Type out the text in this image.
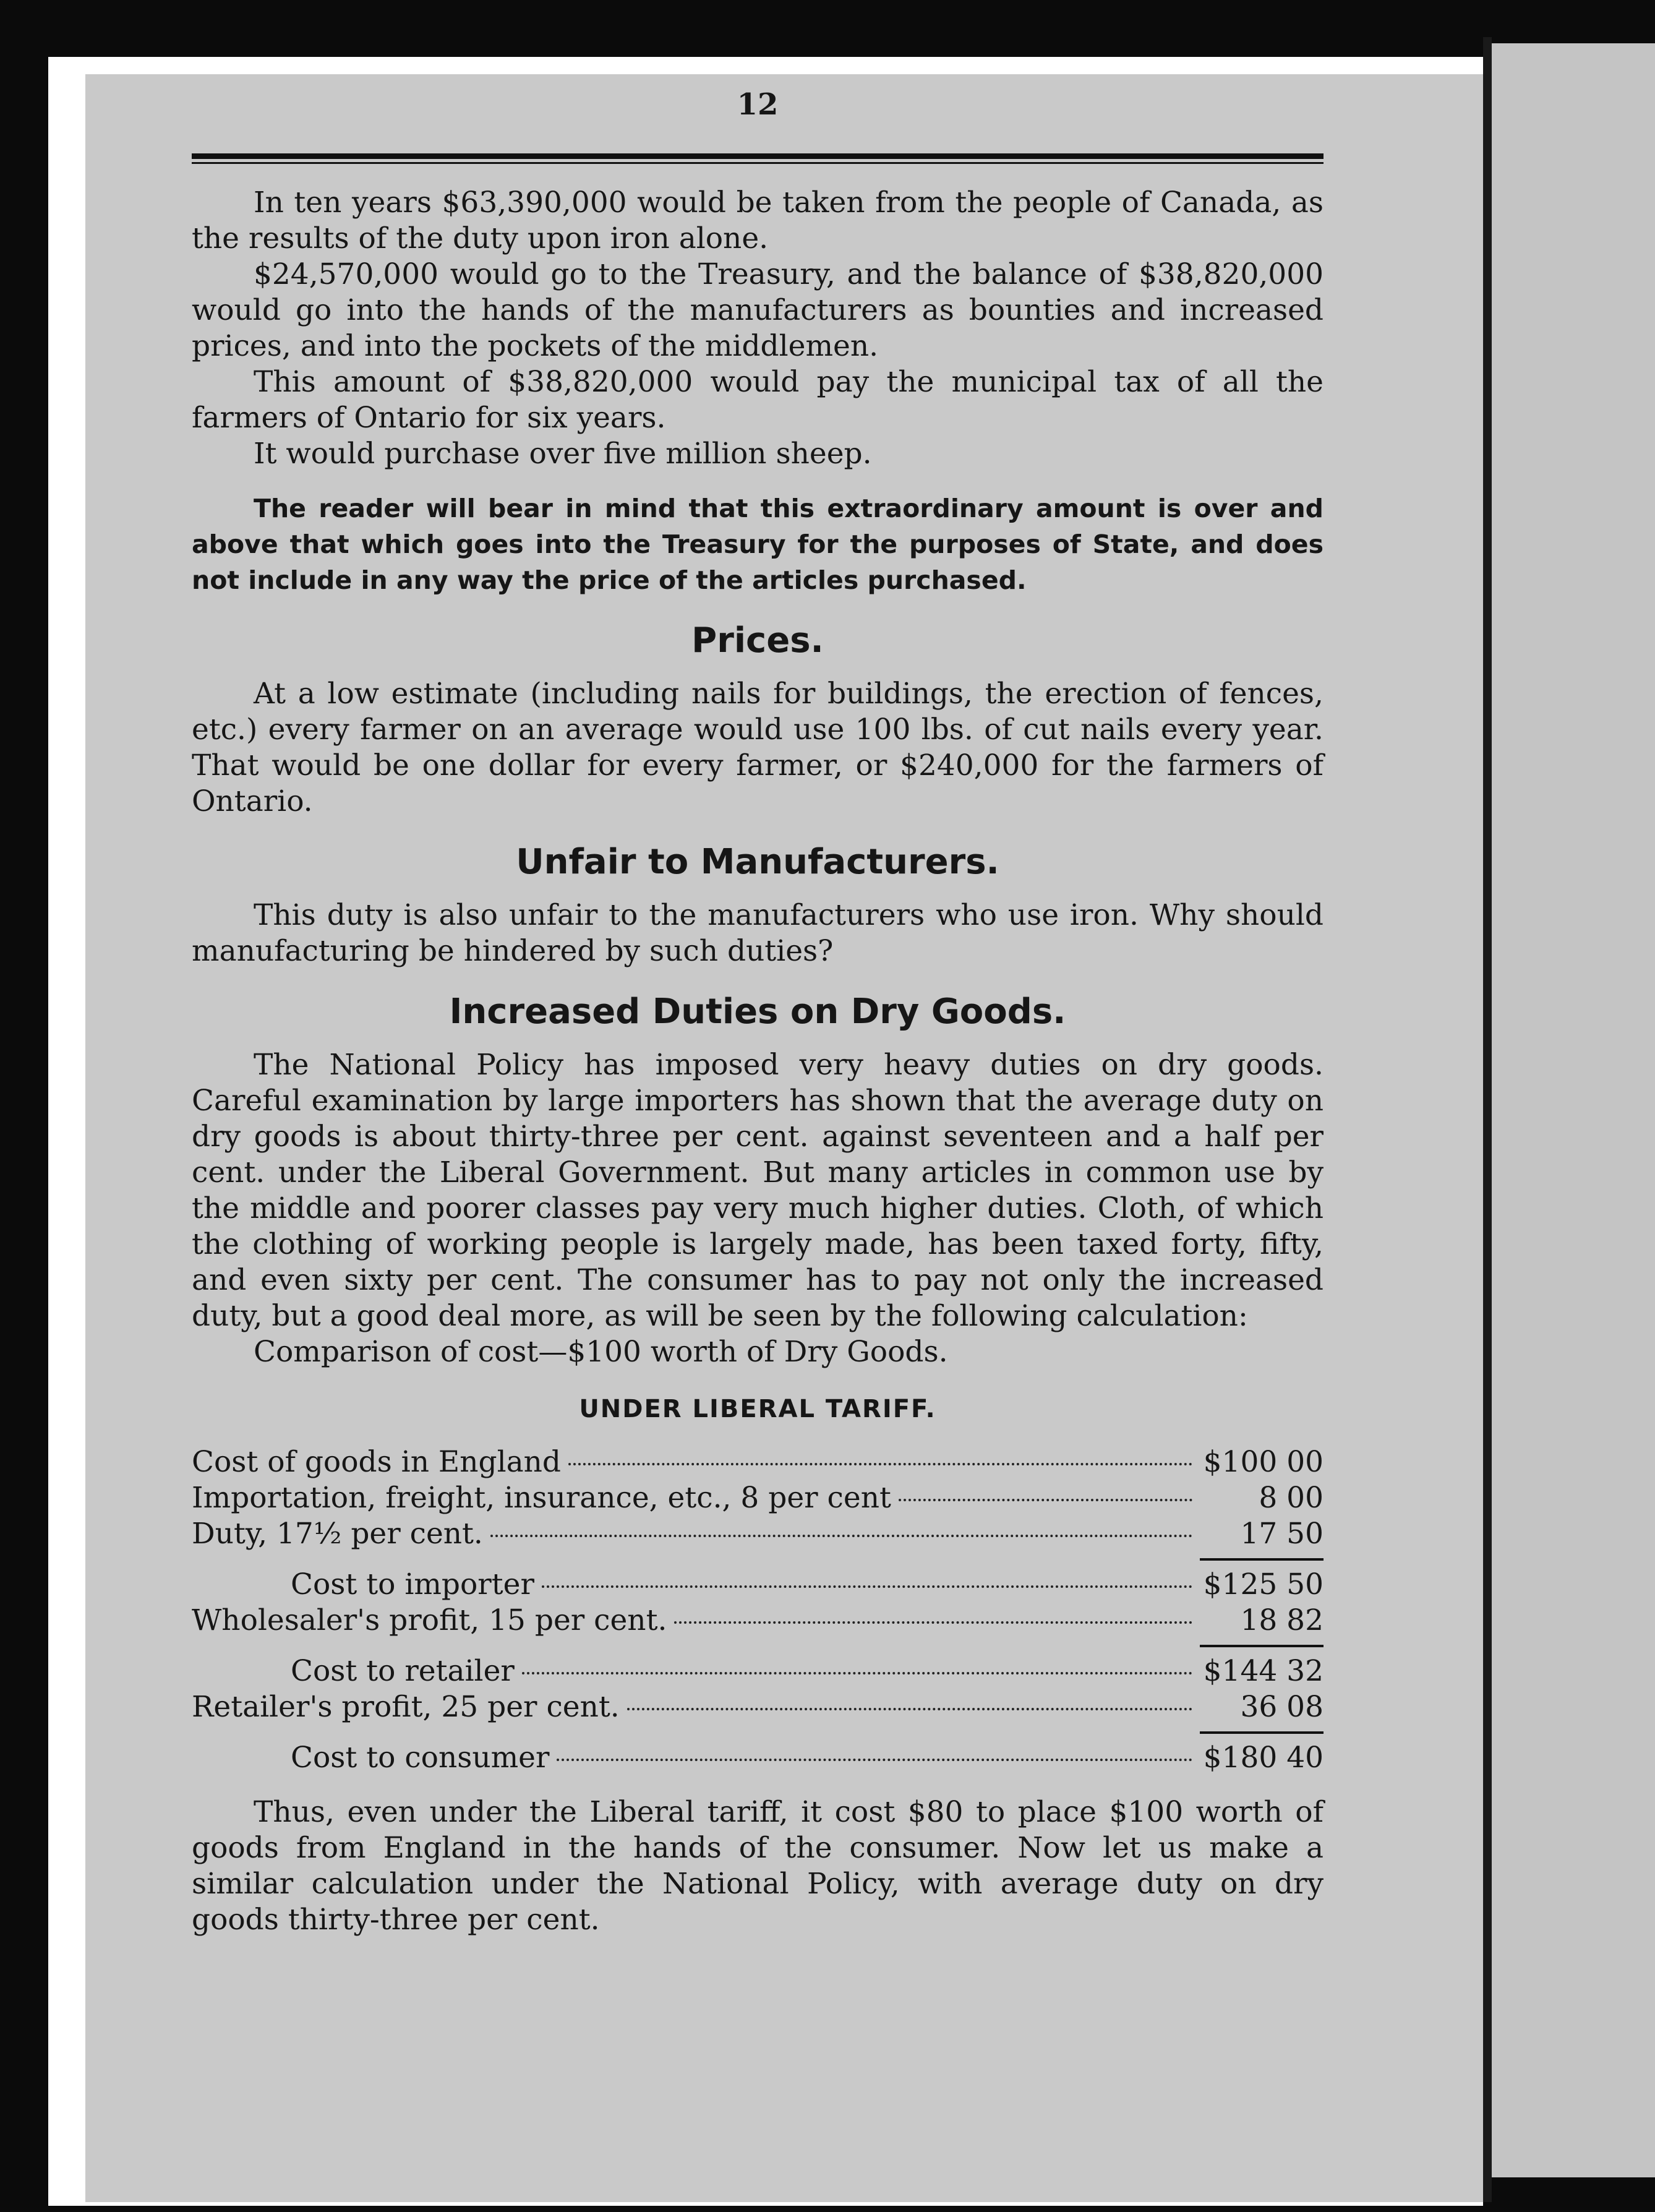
12

In ten years $63,390,000 would be taken from the people of Canada, as the results of the duty upon iron alone.

$24,570,000 would go to the Treasury, and the balance of $38,820,000 would go into the hands of the manufacturers as bounties and increased prices, and into the pockets of the middlemen.

This amount of $38,820,000 would pay the municipal tax of all the farmers of Ontario for six years.

It would purchase over five million sheep.

The reader will bear in mind that this extraordinary amount is over and above that which goes into the Treasury for the purposes of State, and does not include in any way the price of the articles purchased.

Prices.

At a low estimate (including nails for buildings, the erection of fences, etc.) every farmer on an average would use 100 lbs. of cut nails every year. That would be one dollar for every farmer, or $240,000 for the farmers of Ontario.

Unfair to Manufacturers.

This duty is also unfair to the manufacturers who use iron. Why should manufacturing be hindered by such duties?

Increased Duties on Dry Goods.

The National Policy has imposed very heavy duties on dry goods. Careful examination by large importers has shown that the average duty on dry goods is about thirty-three per cent. against seventeen and a half per cent. under the Liberal Government. But many articles in common use by the middle and poorer classes pay very much higher duties. Cloth, of which the clothing of working people is largely made, has been taxed forty, fifty, and even sixty per cent. The consumer has to pay not only the increased duty, but a good deal more, as will be seen by the following calculation:

Comparison of cost—$100 worth of Dry Goods.

UNDER LIBERAL TARIFF.
Cost of goods in England	$100 00
Importation, freight, insurance, etc., 8 per cent	8 00
Duty, 17½ per cent.	17 50
Cost to importer	$125 50
Wholesaler's profit, 15 per cent.	18 82
Cost to retailer	$144 32
Retailer's profit, 25 per cent.	36 08
Cost to consumer	$180 40

Thus, even under the Liberal tariff, it cost $80 to place $100 worth of goods from England in the hands of the consumer. Now let us make a similar calculation under the National Policy, with average duty on dry goods thirty-three per cent.
